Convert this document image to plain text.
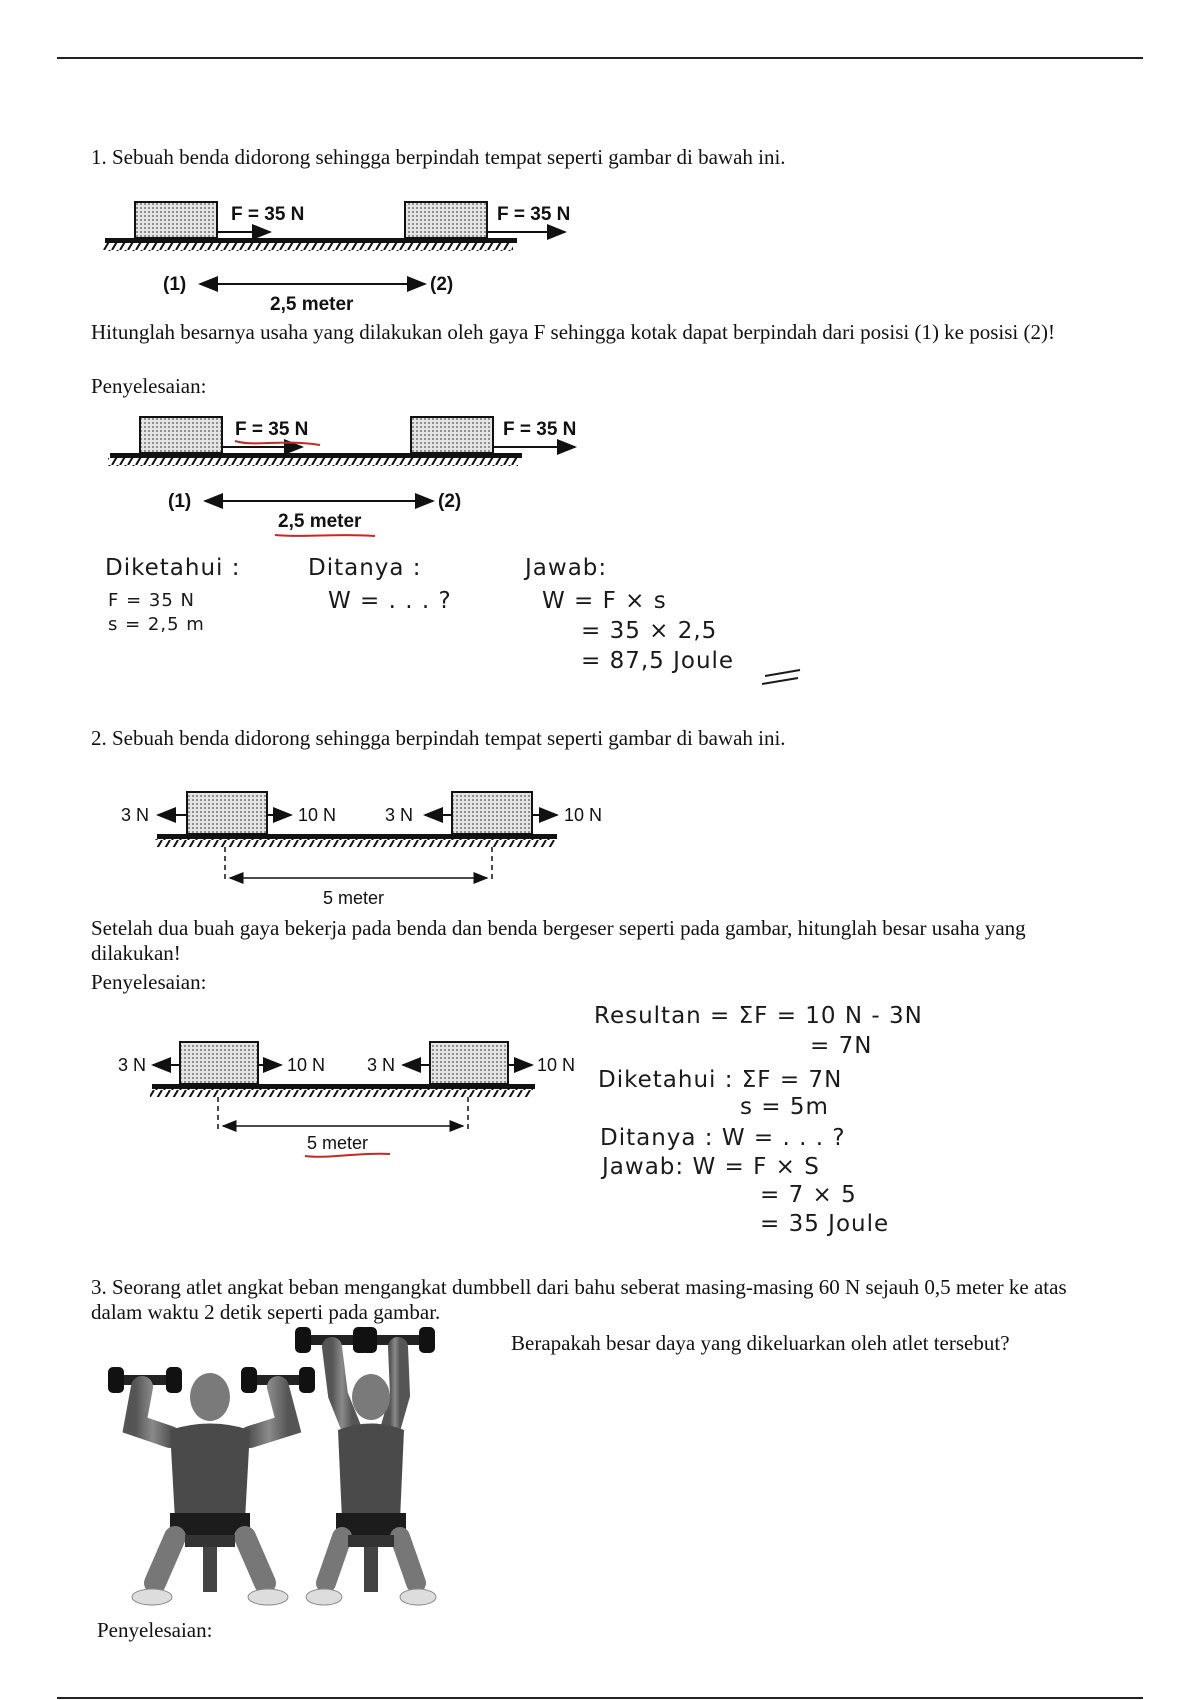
1. Sebuah benda didorong sehingga berpindah tempat seperti gambar di bawah ini.

F = 35 N	F = 35 N
(1)	(2)
2,5 meter

Hitunglah besarnya usaha yang dilakukan oleh gaya F sehingga kotak dapat berpindah dari posisi (1) ke posisi (2)!

Penyelesaian:

F = 35 N	F = 35 N
(1)	(2)
2,5 meter
Diketahui :
F = 35 N
s = 2,5 m
Ditanya :
W = . . . ?
Jawab:
W = F × s
= 35 × 2,5
= 87,5 Joule

2. Sebuah benda didorong sehingga berpindah tempat seperti gambar di bawah ini.

3 N	10 N	3 N	10 N
5 meter

Setelah dua buah gaya bekerja pada benda dan benda bergeser seperti pada gambar, hitunglah besar usaha yang dilakukan!

Penyelesaian:

3 N	10 N 3 N	10 N
5 meter
Resultan = ΣF = 10 N - 3N
= 7N
Diketahui : ΣF = 7N
s = 5m
Ditanya : W = . . . ?
Jawab: W = F × S
= 7 × 5
= 35 Joule

3. Seorang atlet angkat beban mengangkat dumbbell dari bahu seberat masing-masing 60 N sejauh 0,5 meter ke atas dalam waktu 2 detik seperti pada gambar.

Berapakah besar daya yang dikeluarkan oleh atlet tersebut?

Penyelesaian:
